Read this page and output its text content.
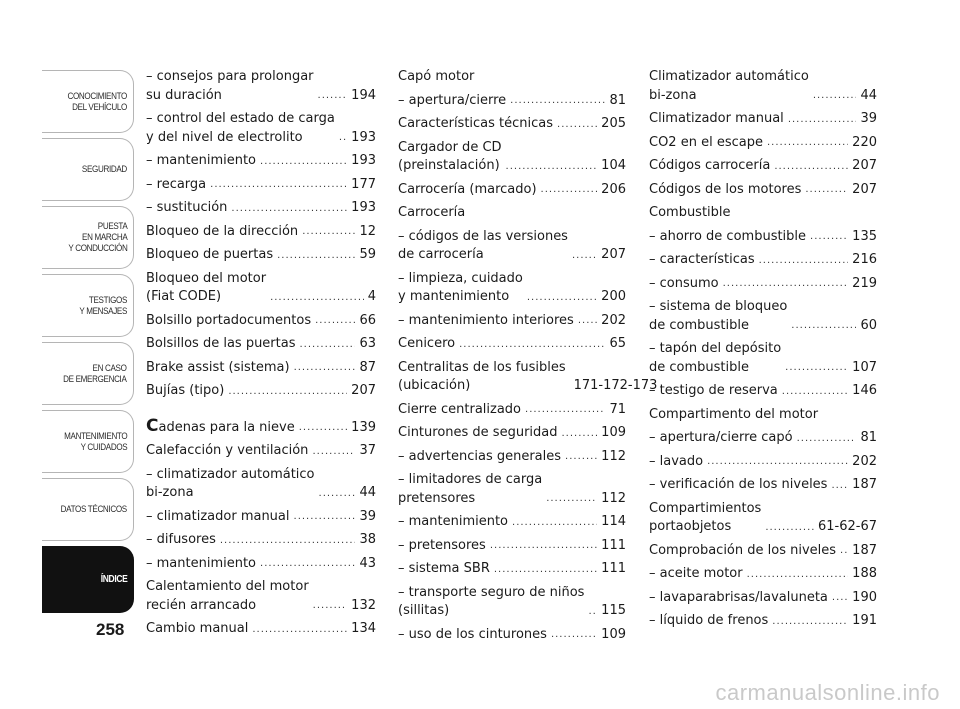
CONOCIMIENTO
DEL VEHÍCULO
SEGURIDAD
PUESTA
EN MARCHA
Y CONDUCCIÓN
TESTIGOS
Y MENSAJES
EN CASO
DE EMERGENCIA
MANTENIMIENTO
Y CUIDADOS
DATOS TÉCNICOS
ÍNDICE
258
– consejos para prolongar
su duración .....	194
– control del estado de carga
y del nivel de electrolito .....	193
– mantenimiento .....	193
– recarga .....	177
– sustitución .....	193
Bloqueo de la dirección .....	12
Bloqueo de puertas .....	59
Bloqueo del motor
(Fiat CODE) .....	4
Bolsillo portadocumentos .....	66
Bolsillos de las puertas .....	63
Brake assist (sistema) .....	87
Bujías (tipo) .....	207
Cadenas para la nieve .....	139
Calefacción y ventilación .....	37
– climatizador automático
bi-zona .....	44
– climatizador manual .....	39
– difusores .....	38
– mantenimiento .....	43
Calentamiento del motor
recién arrancado .....	132
Cambio manual .....	134
Capó motor
– apertura/cierre .....	81
Características técnicas .....	205
Cargador de CD
(preinstalación) .....	104
Carrocería (marcado) .....	206
Carrocería
– códigos de las versiones
de carrocería .....	207
– limpieza, cuidado
y mantenimiento .....	200
– mantenimiento interiores ..... 202
Cenicero .....	65
Centralitas de los fusibles
(ubicación)	171-172-173
Cierre centralizado .....	71
Cinturones de seguridad .....	109
– advertencias generales .....	112
– limitadores de carga
pretensores .....	112
– mantenimiento .....	114
– pretensores .....	111
– sistema SBR .....	111
– transporte seguro de niños
(sillitas) .....	115
– uso de los cinturones .....	109
Climatizador automático
bi-zona .....	44
Climatizador manual .....	39
CO2 en el escape .....	220
Códigos carrocería .....	207
Códigos de los motores .....	207
Combustible
– ahorro de combustible .....	135
– características .....	216
– consumo .....	219
– sistema de bloqueo
de combustible .....	60
– tapón del depósito
de combustible .....	107
– testigo de reserva .....	146
Compartimento del motor
– apertura/cierre capó .....	81
– lavado .....	202
– verificación de los niveles ..... 187
Compartimientos
portaobjetos .....	61-62-67
Comprobación de los niveles ..... 187
– aceite motor .....	188
– lavaparabrisas/lavaluneta ..... 190
– líquido de frenos .....	191
carmanualsonline.info
